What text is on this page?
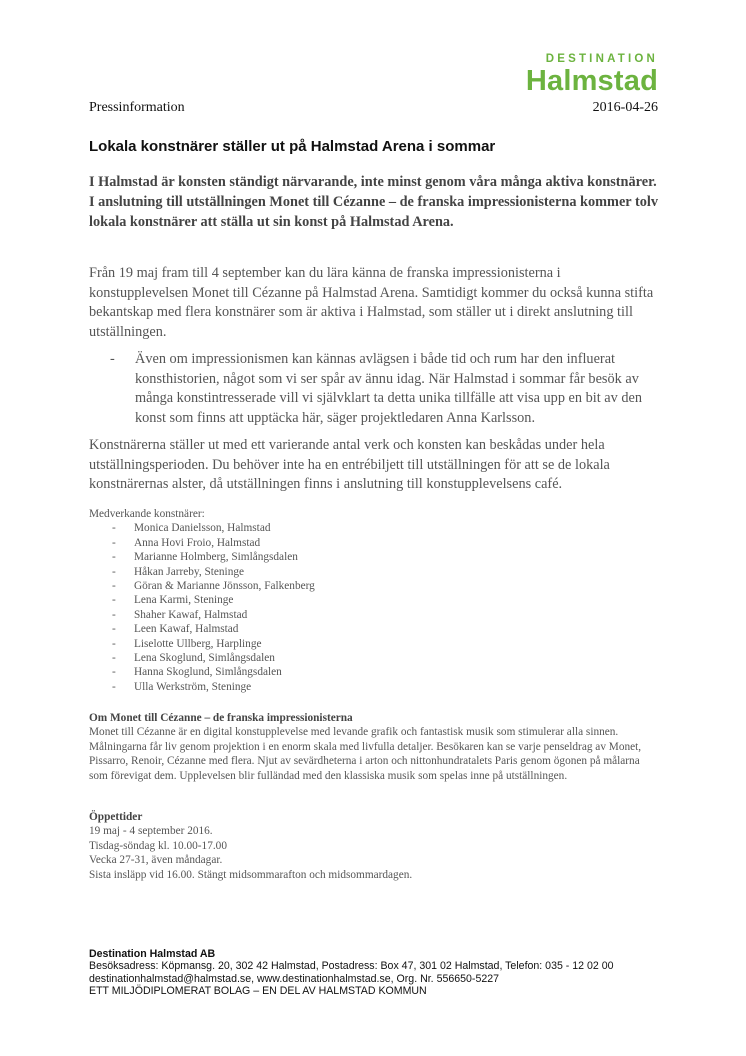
DESTINATION
Halmstad
Pressinformation	2016-04-26
Lokala konstnärer ställer ut på Halmstad Arena i sommar

I Halmstad är konsten ständigt närvarande, inte minst genom våra många aktiva konstnärer. I anslutning till utställningen Monet till Cézanne – de franska impressionisterna kommer tolv lokala konstnärer att ställa ut sin konst på Halmstad Arena.

Från 19 maj fram till 4 september kan du lära känna de franska impressionisterna i konstupplevelsen Monet till Cézanne på Halmstad Arena. Samtidigt kommer du också kunna stifta bekantskap med flera konstnärer som är aktiva i Halmstad, som ställer ut i direkt anslutning till utställningen.

- Även om impressionismen kan kännas avlägsen i både tid och rum har den influerat konsthistorien, något som vi ser spår av ännu idag. När Halmstad i sommar får besök av många konstintresserade vill vi självklart ta detta unika tillfälle att visa upp en bit av den konst som finns att upptäcka här, säger projektledaren Anna Karlsson.

Konstnärerna ställer ut med ett varierande antal verk och konsten kan beskådas under hela utställningsperioden. Du behöver inte ha en entrébiljett till utställningen för att se de lokala konstnärernas alster, då utställningen finns i anslutning till konstupplevelsens café.

Medverkande konstnärer:
- Monica Danielsson, Halmstad
- Anna Hovi Froio, Halmstad
- Marianne Holmberg, Simlångsdalen
- Håkan Jarreby, Steninge
- Göran & Marianne Jönsson, Falkenberg
- Lena Karmi, Steninge
- Shaher Kawaf, Halmstad
- Leen Kawaf, Halmstad
- Liselotte Ullberg, Harplinge
- Lena Skoglund, Simlångsdalen
- Hanna Skoglund, Simlångsdalen
- Ulla Werkström, Steninge
Om Monet till Cézanne – de franska impressionisterna

Monet till Cézanne är en digital konstupplevelse med levande grafik och fantastisk musik som stimulerar alla sinnen. Målningarna får liv genom projektion i en enorm skala med livfulla detaljer. Besökaren kan se varje penseldrag av Monet, Pissarro, Renoir, Cézanne med flera. Njut av sevärdheterna i arton och nittonhundratalets Paris genom ögonen på målarna som förevigat dem. Upplevelsen blir fulländad med den klassiska musik som spelas inne på utställningen.

Öppettider
19 maj - 4 september 2016.
Tisdag-söndag kl. 10.00-17.00
Vecka 27-31, även måndagar.
Sista insläpp vid 16.00. Stängt midsommarafton och midsommardagen.
Destination Halmstad AB
Besöksadress: Köpmansg. 20, 302 42 Halmstad, Postadress: Box 47, 301 02 Halmstad, Telefon: 035 - 12 02 00
destinationhalmstad@halmstad.se, www.destinationhalmstad.se, Org. Nr. 556650-5227
ETT MILJÖDIPLOMERAT BOLAG – EN DEL AV HALMSTAD KOMMUN
